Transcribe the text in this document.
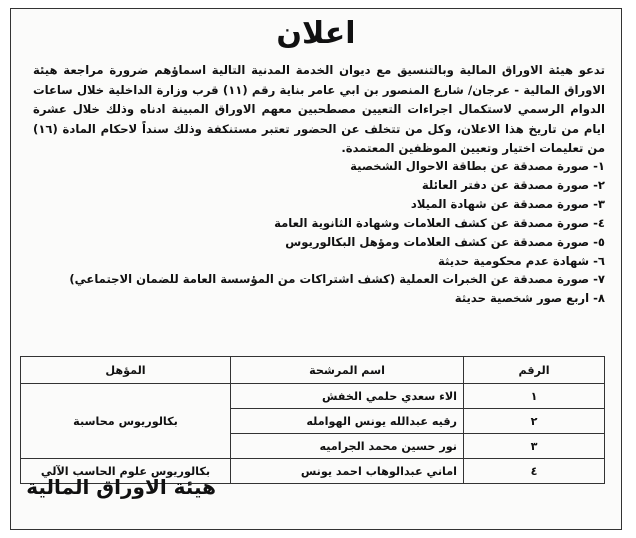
اعلان
تدعو هيئة الاوراق المالية وبالتنسيق مع ديوان الخدمة المدنية التالية اسماؤهم ضرورة مراجعة هيئة الاوراق المالية - عرجان/ شارع المنصور بن ابي عامر بناية رقم (١١) قرب وزارة الداخلية خلال ساعات الدوام الرسمي لاستكمال اجراءات التعيين مصطحبين معهم الاوراق المبينة ادناه وذلك خلال عشرة ايام من تاريخ هذا الاعلان، وكل من تتخلف عن الحضور تعتبر مستنكفة وذلك سنداً لاحكام المادة (١٦) من تعليمات اختيار وتعيين الموظفين المعتمدة.
١- صورة مصدقة عن بطاقة الاحوال الشخصية
٢- صورة مصدقة عن دفتر العائلة
٣- صورة مصدقة عن شهادة الميلاد
٤- صورة مصدقة عن كشف العلامات وشهادة الثانوية العامة
٥- صورة مصدقة عن كشف العلامات ومؤهل البكالوريوس
٦- شهادة عدم محكومية حديثة
٧- صورة مصدقة عن الخبرات العملية (كشف اشتراكات من المؤسسة العامة للضمان الاجتماعي)
٨- اربع صور شخصية حديثة
الرقم	اسم المرشحة	المؤهل
١	الاء سعدي حلمي الخفش	بكالوريوس محاسبة
٢	رقيه عبدالله يونس الهوامله	
٣	نور حسين محمد الجراميه	
٤	اماني عبدالوهاب احمد يونس	بكالوريوس علوم الحاسب الآلي
هيئة الاوراق المالية
